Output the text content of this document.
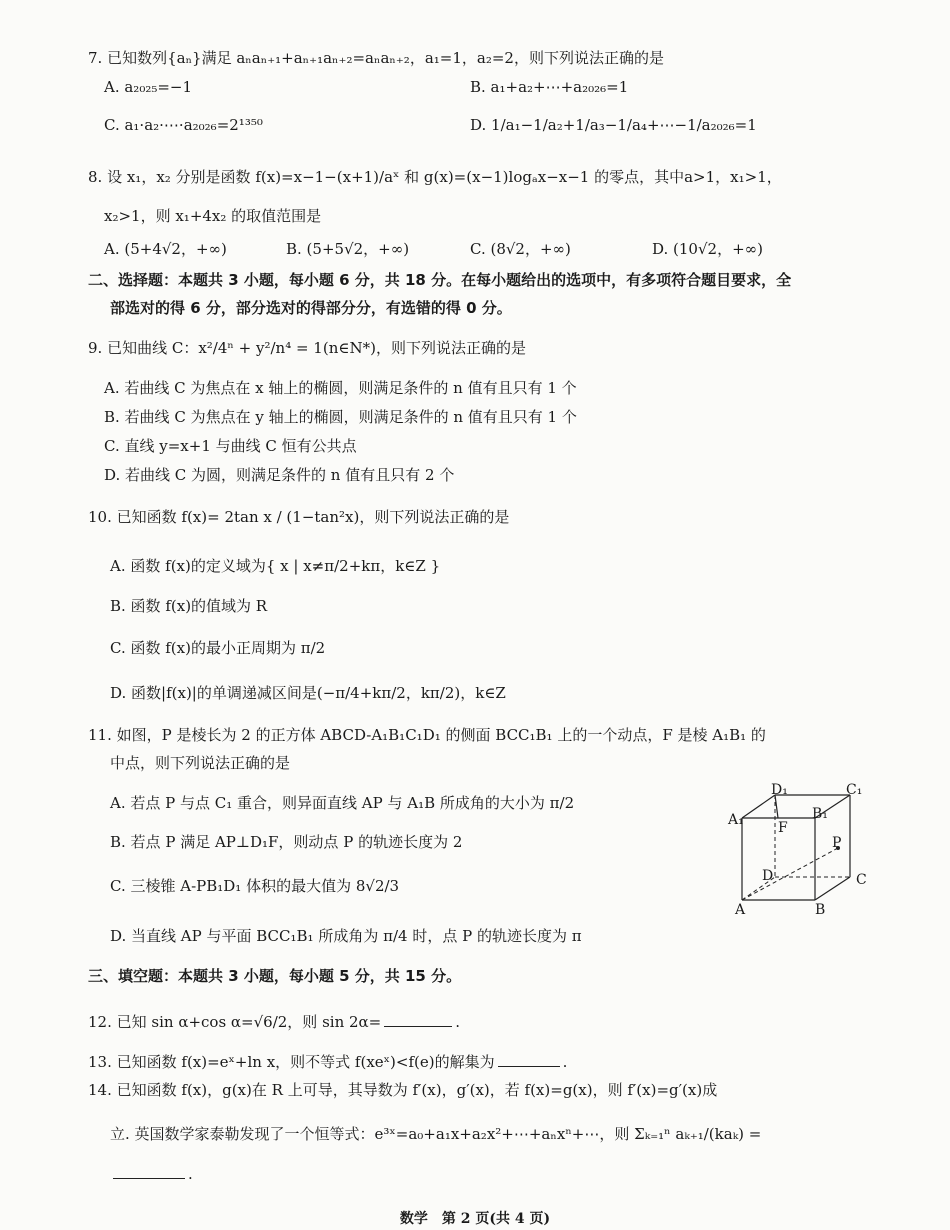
7. 已知数列{aₙ}满足 aₙaₙ₊₁+aₙ₊₁aₙ₊₂=aₙaₙ₊₂，a₁=1，a₂=2，则下列说法正确的是
A. a₂₀₂₅=−1	B. a₁+a₂+⋯+a₂₀₂₆=1
C. a₁·a₂·⋯·a₂₀₂₆=2¹³⁵⁰	D. 1/a₁−1/a₂+1/a₃−1/a₄+⋯−1/a₂₀₂₆=1
8. 设 x₁，x₂ 分别是函数 f(x)=x−1−(x+1)/aˣ 和 g(x)=(x−1)logₐx−x−1 的零点，其中a>1，x₁>1，
x₂>1，则 x₁+4x₂ 的取值范围是
A. (5+4√2，+∞)	B. (5+5√2，+∞)	C. (8√2，+∞)	D. (10√2，+∞)
二、选择题：本题共 3 小题，每小题 6 分，共 18 分。在每小题给出的选项中，有多项符合题目要求，全
部选对的得 6 分，部分选对的得部分分，有选错的得 0 分。
9. 已知曲线 C：x²/4ⁿ + y²/n⁴ = 1(n∈N*)，则下列说法正确的是
A. 若曲线 C 为焦点在 x 轴上的椭圆，则满足条件的 n 值有且只有 1 个
B. 若曲线 C 为焦点在 y 轴上的椭圆，则满足条件的 n 值有且只有 1 个
C. 直线 y=x+1 与曲线 C 恒有公共点
D. 若曲线 C 为圆，则满足条件的 n 值有且只有 2 个
10. 已知函数 f(x)= 2tan x / (1−tan²x)，则下列说法正确的是
A. 函数 f(x)的定义域为{ x | x≠π/2+kπ，k∈Z }
B. 函数 f(x)的值域为 R
C. 函数 f(x)的最小正周期为 π/2
D. 函数|f(x)|的单调递减区间是(−π/4+kπ/2，kπ/2)，k∈Z
11. 如图，P 是棱长为 2 的正方体 ABCD-A₁B₁C₁D₁ 的侧面 BCC₁B₁ 上的一个动点，F 是棱 A₁B₁ 的
中点，则下列说法正确的是
A. 若点 P 与点 C₁ 重合，则异面直线 AP 与 A₁B 所成角的大小为 π/2
B. 若点 P 满足 AP⊥D₁F，则动点 P 的轨迹长度为 2
C. 三棱锥 A-PB₁D₁ 体积的最大值为 8√2/3
D. 当直线 AP 与平面 BCC₁B₁ 所成角为 π/4 时，点 P 的轨迹长度为 π
D₁	C₁
A₁	B₁
F
P
D	C
A	B
三、填空题：本题共 3 小题，每小题 5 分，共 15 分。
12. 已知 sin α+cos α=√6/2，则 sin 2α=	.
13. 已知函数 f(x)=eˣ+ln x，则不等式 f(xeˣ)<f(e)的解集为	.
14. 已知函数 f(x)，g(x)在 R 上可导，其导数为 f′(x)，g′(x)，若 f(x)=g(x)，则 f′(x)=g′(x)成
立. 英国数学家泰勒发现了一个恒等式：e³ˣ=a₀+a₁x+a₂x²+⋯+aₙxⁿ+⋯，则 Σₖ₌₁ⁿ aₖ₊₁/(kaₖ) =
.
数学　第 2 页(共 4 页)
